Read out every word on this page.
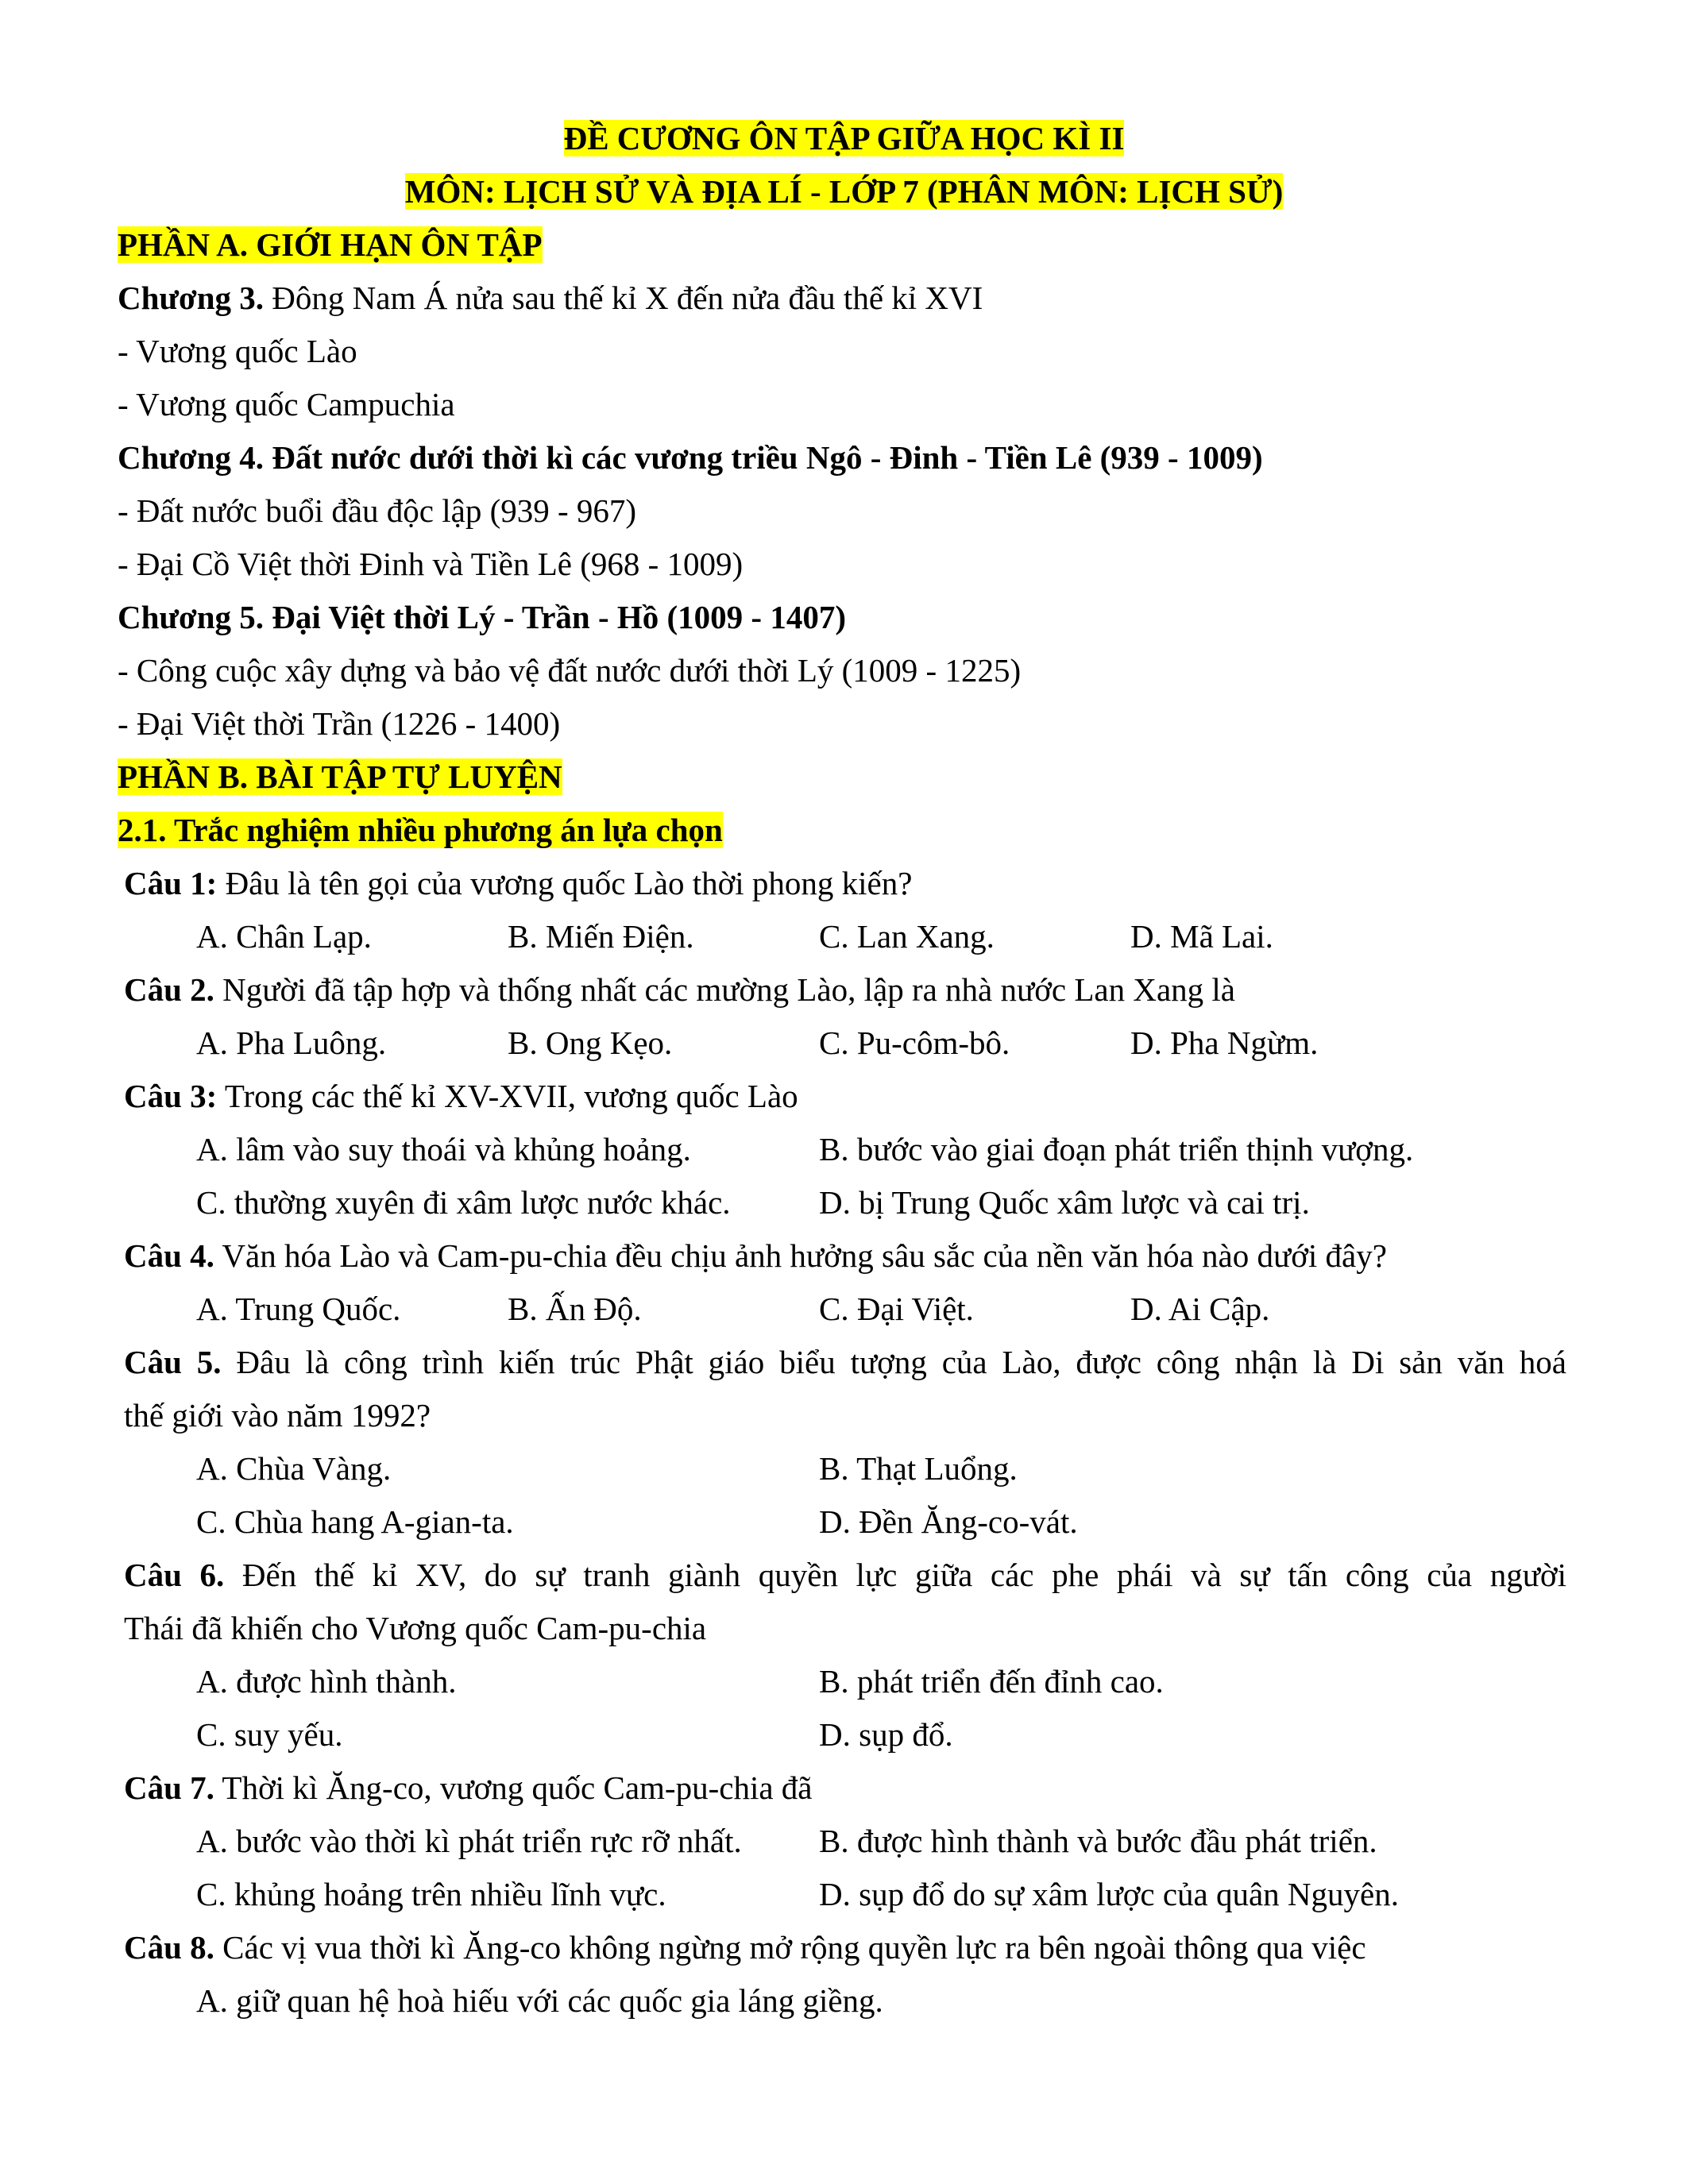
ĐỀ CƯƠNG ÔN TẬP GIỮA HỌC KÌ II
MÔN: LỊCH SỬ VÀ ĐỊA LÍ - LỚP 7 (PHÂN MÔN: LỊCH SỬ)
PHẦN A. GIỚI HẠN ÔN TẬP
Chương 3. Đông Nam Á nửa sau thế kỉ X đến nửa đầu thế kỉ XVI
- Vương quốc Lào
- Vương quốc Campuchia
Chương 4. Đất nước dưới thời kì các vương triều Ngô - Đinh - Tiền Lê (939 - 1009)
- Đất nước buổi đầu độc lập (939 - 967)
- Đại Cồ Việt thời Đinh và Tiền Lê (968 - 1009)
Chương 5. Đại Việt thời Lý - Trần - Hồ (1009 - 1407)
- Công cuộc xây dựng và bảo vệ đất nước dưới thời Lý (1009 - 1225)
- Đại Việt thời Trần (1226 - 1400)
PHẦN B. BÀI TẬP TỰ LUYỆN
2.1. Trắc nghiệm nhiều phương án lựa chọn
Câu 1: Đâu là tên gọi của vương quốc Lào thời phong kiến?
A. Chân Lạp.	B. Miến Điện.	C. Lan Xang.	D. Mã Lai.
Câu 2. Người đã tập hợp và thống nhất các mường Lào, lập ra nhà nước Lan Xang là
A. Pha Luông.	B. Ong Kẹo.	C. Pu-côm-bô.	D. Pha Ngừm.
Câu 3: Trong các thế kỉ XV-XVII, vương quốc Lào
A. lâm vào suy thoái và khủng hoảng.	B. bước vào giai đoạn phát triển thịnh vượng.
C. thường xuyên đi xâm lược nước khác.	D. bị Trung Quốc xâm lược và cai trị.
Câu 4. Văn hóa Lào và Cam-pu-chia đều chịu ảnh hưởng sâu sắc của nền văn hóa nào dưới đây?
A. Trung Quốc.	B. Ấn Độ.	C. Đại Việt.	D. Ai Cập.
Câu 5. Đâu là công trình kiến trúc Phật giáo biểu tượng của Lào, được công nhận là Di sản văn hoá
thế giới vào năm 1992?
A. Chùa Vàng.	B. Thạt Luổng.
C. Chùa hang A-gian-ta.	D. Đền Ăng-co-vát.
Câu 6. Đến thế kỉ XV, do sự tranh giành quyền lực giữa các phe phái và sự tấn công của người
Thái đã khiến cho Vương quốc Cam-pu-chia
A. được hình thành.	B. phát triển đến đỉnh cao.
C. suy yếu.	D. sụp đổ.
Câu 7. Thời kì Ăng-co, vương quốc Cam-pu-chia đã
A. bước vào thời kì phát triển rực rỡ nhất. B. được hình thành và bước đầu phát triển.
C. khủng hoảng trên nhiều lĩnh vực.	D. sụp đổ do sự xâm lược của quân Nguyên.
Câu 8. Các vị vua thời kì Ăng-co không ngừng mở rộng quyền lực ra bên ngoài thông qua việc
A. giữ quan hệ hoà hiếu với các quốc gia láng giềng.
